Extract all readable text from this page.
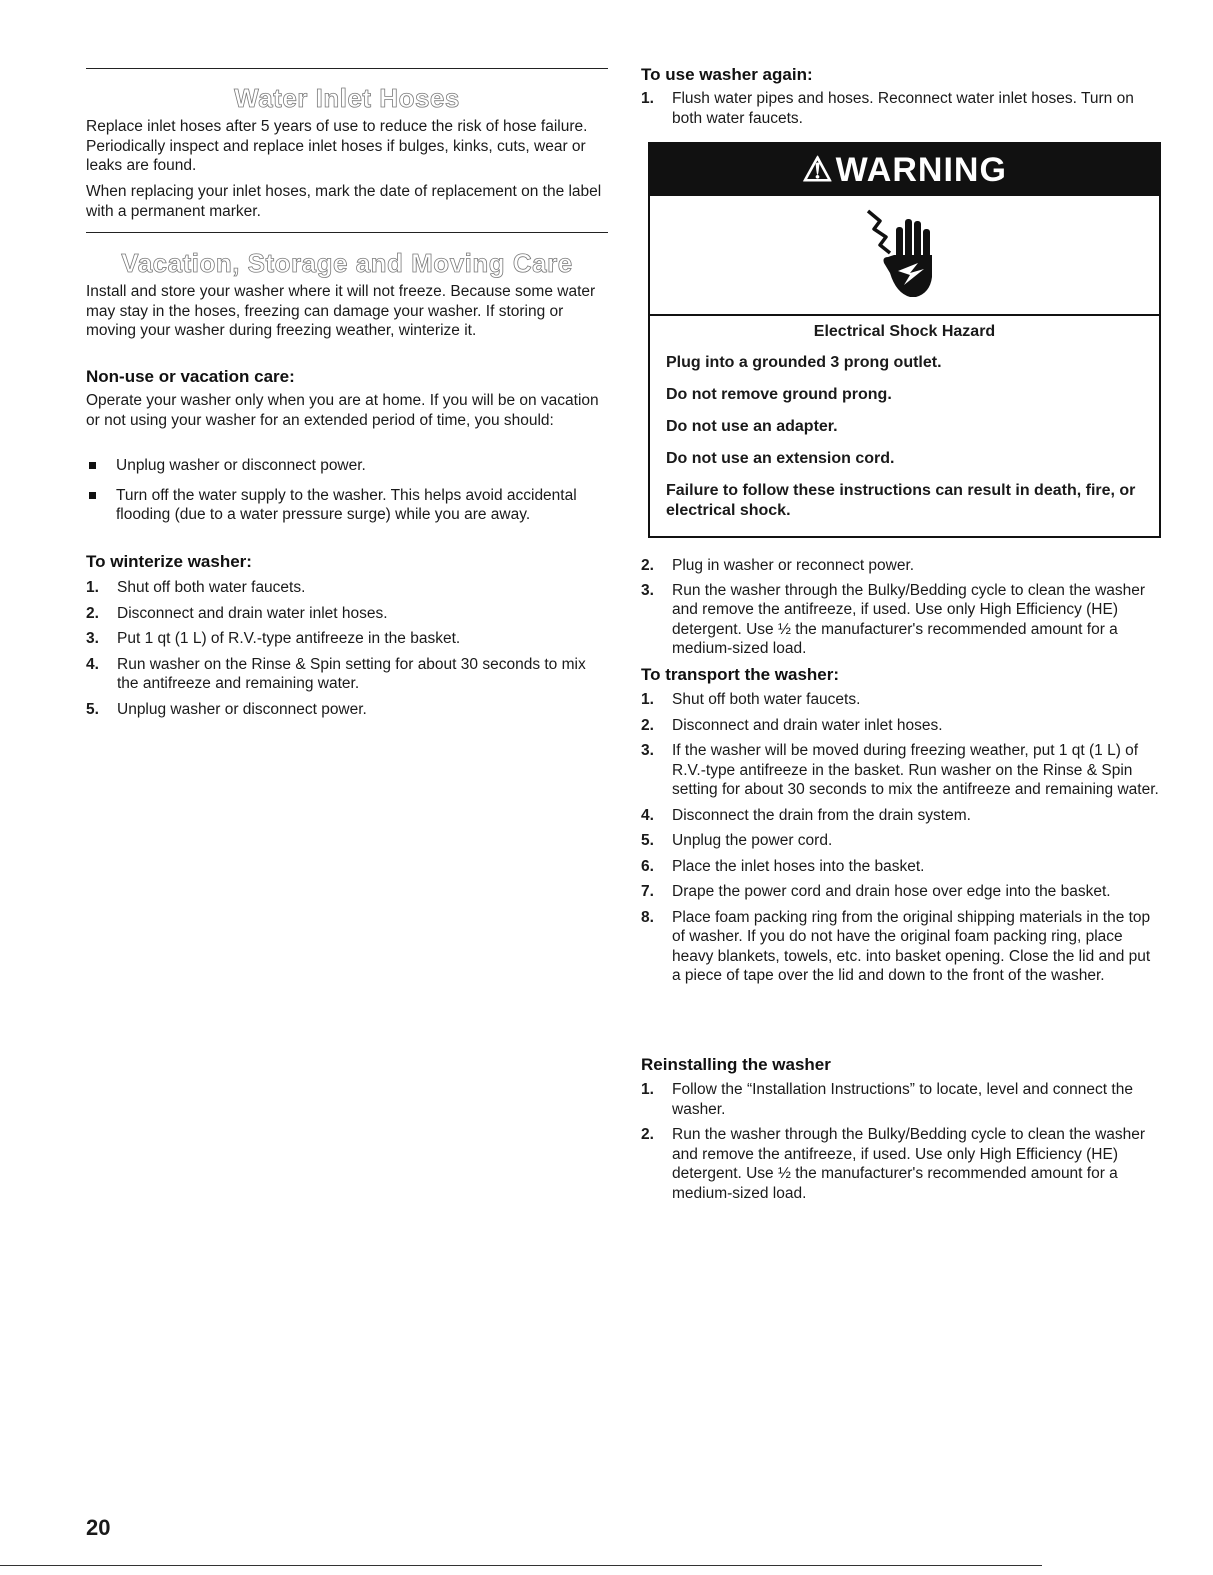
Water Inlet Hoses

Replace inlet hoses after 5 years of use to reduce the risk of hose failure. Periodically inspect and replace inlet hoses if bulges, kinks, cuts, wear or leaks are found.

When replacing your inlet hoses, mark the date of replacement on the label with a permanent marker.

Vacation, Storage and Moving Care

Install and store your washer where it will not freeze. Because some water may stay in the hoses, freezing can damage your washer. If storing or moving your washer during freezing weather, winterize it.

Non-use or vacation care:

Operate your washer only when you are at home. If you will be on vacation or not using your washer for an extended period of time, you should:

Unplug washer or disconnect power.
Turn off the water supply to the washer. This helps avoid accidental flooding (due to a water pressure surge) while you are away.
To winterize washer:
1. Shut off both water faucets.
2. Disconnect and drain water inlet hoses.
3. Put 1 qt (1 L) of R.V.-type antifreeze in the basket.
4. Run washer on the Rinse & Spin setting for about 30 seconds to mix the antifreeze and remaining water.
5. Unplug washer or disconnect power.
To use washer again:
1. Flush water pipes and hoses. Reconnect water inlet hoses. Turn on both water faucets.
⚠ WARNING

Electrical Shock Hazard

Plug into a grounded 3 prong outlet.

Do not remove ground prong.

Do not use an adapter.

Do not use an extension cord.

Failure to follow these instructions can result in death, fire, or electrical shock.

2. Plug in washer or reconnect power.
3. Run the washer through the Bulky/Bedding cycle to clean the washer and remove the antifreeze, if used. Use only High Efficiency (HE) detergent. Use ½ the manufacturer's recommended amount for a medium-sized load.
To transport the washer:
1. Shut off both water faucets.
2. Disconnect and drain water inlet hoses.
3. If the washer will be moved during freezing weather, put 1 qt (1 L) of R.V.-type antifreeze in the basket. Run washer on the Rinse & Spin setting for about 30 seconds to mix the antifreeze and remaining water.
4. Disconnect the drain from the drain system.
5. Unplug the power cord.
6. Place the inlet hoses into the basket.
7. Drape the power cord and drain hose over edge into the basket.
8. Place foam packing ring from the original shipping materials in the top of washer. If you do not have the original foam packing ring, place heavy blankets, towels, etc. into basket opening. Close the lid and put a piece of tape over the lid and down to the front of the washer.
Reinstalling the washer
1. Follow the “Installation Instructions” to locate, level and connect the washer.
2. Run the washer through the Bulky/Bedding cycle to clean the washer and remove the antifreeze, if used. Use only High Efficiency (HE) detergent. Use ½ the manufacturer's recommended amount for a medium-sized load.
20
